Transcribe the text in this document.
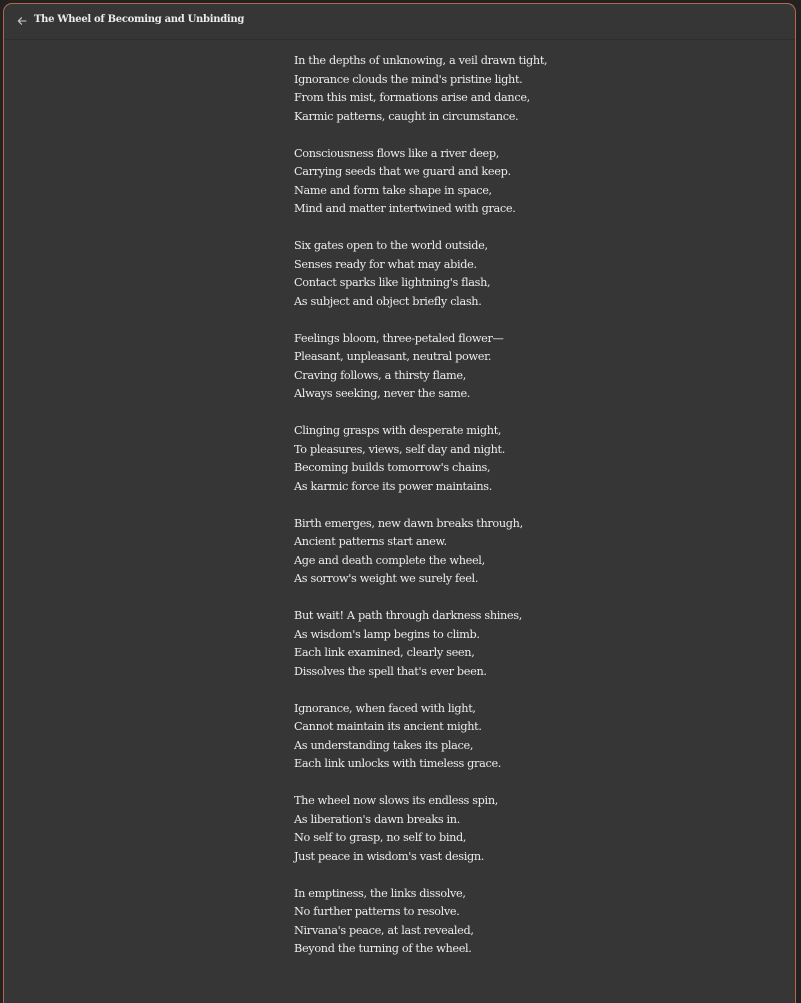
The Wheel of Becoming and Unbinding
In the depths of unknowing, a veil drawn tight,
Ignorance clouds the mind's pristine light.
From this mist, formations arise and dance,
Karmic patterns, caught in circumstance.
Consciousness flows like a river deep,
Carrying seeds that we guard and keep.
Name and form take shape in space,
Mind and matter intertwined with grace.
Six gates open to the world outside,
Senses ready for what may abide.
Contact sparks like lightning's flash,
As subject and object briefly clash.
Feelings bloom, three-petaled flower—
Pleasant, unpleasant, neutral power.
Craving follows, a thirsty flame,
Always seeking, never the same.
Clinging grasps with desperate might,
To pleasures, views, self day and night.
Becoming builds tomorrow's chains,
As karmic force its power maintains.
Birth emerges, new dawn breaks through,
Ancient patterns start anew.
Age and death complete the wheel,
As sorrow's weight we surely feel.
But wait! A path through darkness shines,
As wisdom's lamp begins to climb.
Each link examined, clearly seen,
Dissolves the spell that's ever been.
Ignorance, when faced with light,
Cannot maintain its ancient might.
As understanding takes its place,
Each link unlocks with timeless grace.
The wheel now slows its endless spin,
As liberation's dawn breaks in.
No self to grasp, no self to bind,
Just peace in wisdom's vast design.
In emptiness, the links dissolve,
No further patterns to resolve.
Nirvana's peace, at last revealed,
Beyond the turning of the wheel.
